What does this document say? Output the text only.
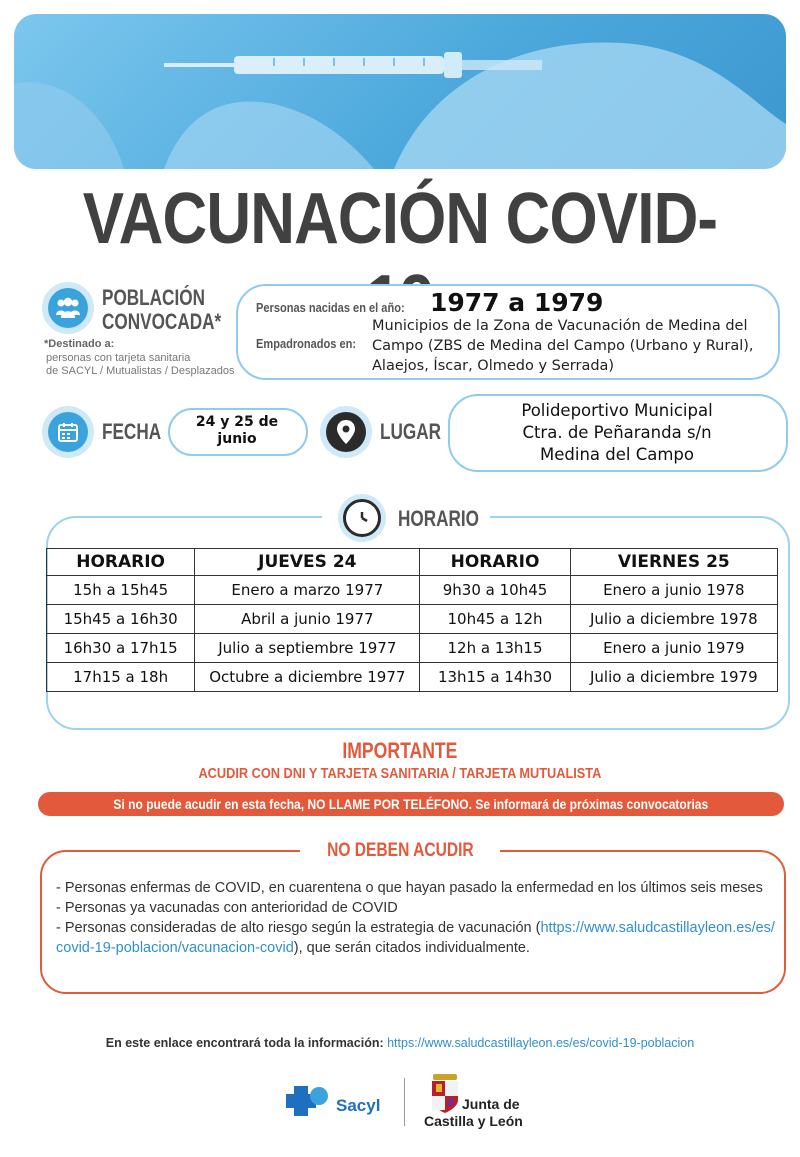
VACUNACIÓN COVID-
POBLACIÓN
CONVOCADA*
*Destinado a:
personas con tarjeta sanitaria
de SACYL / Mutualistas / Desplazados
Personas nacidas en el año: 1977 a 1979
Empadronados en:
Municipios de la Zona de Vacunación de Medina del Campo (ZBS de Medina del Campo (Urbano y Rural), Alaejos, Íscar, Olmedo y Serrada)
FECHA	24 y 25 de junio	LUGAR
Polideportivo Municipal
Ctra. de Peñaranda s/n
Medina del Campo
HORARIO
HORARIO	JUEVES 24	HORARIO	VIERNES 25
15h a 15h45	Enero a marzo 1977	9h30 a 10h45	Enero a junio 1978
15h45 a 16h30	Abril a junio 1977	10h45 a 12h	Julio a diciembre 1978
16h30 a 17h15	Julio a septiembre 1977	12h a 13h15	Enero a junio 1979
17h15 a 18h	Octubre a diciembre 1977	13h15 a 14h30	Julio a diciembre 1979
IMPORTANTE
ACUDIR CON DNI Y TARJETA SANITARIA / TARJETA MUTUALISTA
Si no puede acudir en esta fecha, NO LLAME POR TELÉFONO. Se informará de próximas convocatorias
NO DEBEN ACUDIR
- Personas enfermas de COVID, en cuarentena o que hayan pasado la enfermedad en los últimos seis meses
- Personas ya vacunadas con anterioridad de COVID
- Personas consideradas de alto riesgo según la estrategia de vacunación (https://www.saludcastillayleon.es/es/covid-19-poblacion/vacunacion-covid), que serán citados individualmente.
En este enlace encontrará toda la información: https://www.saludcastillayleon.es/es/covid-19-poblacion
Sacyl	Junta de
Castilla y León
